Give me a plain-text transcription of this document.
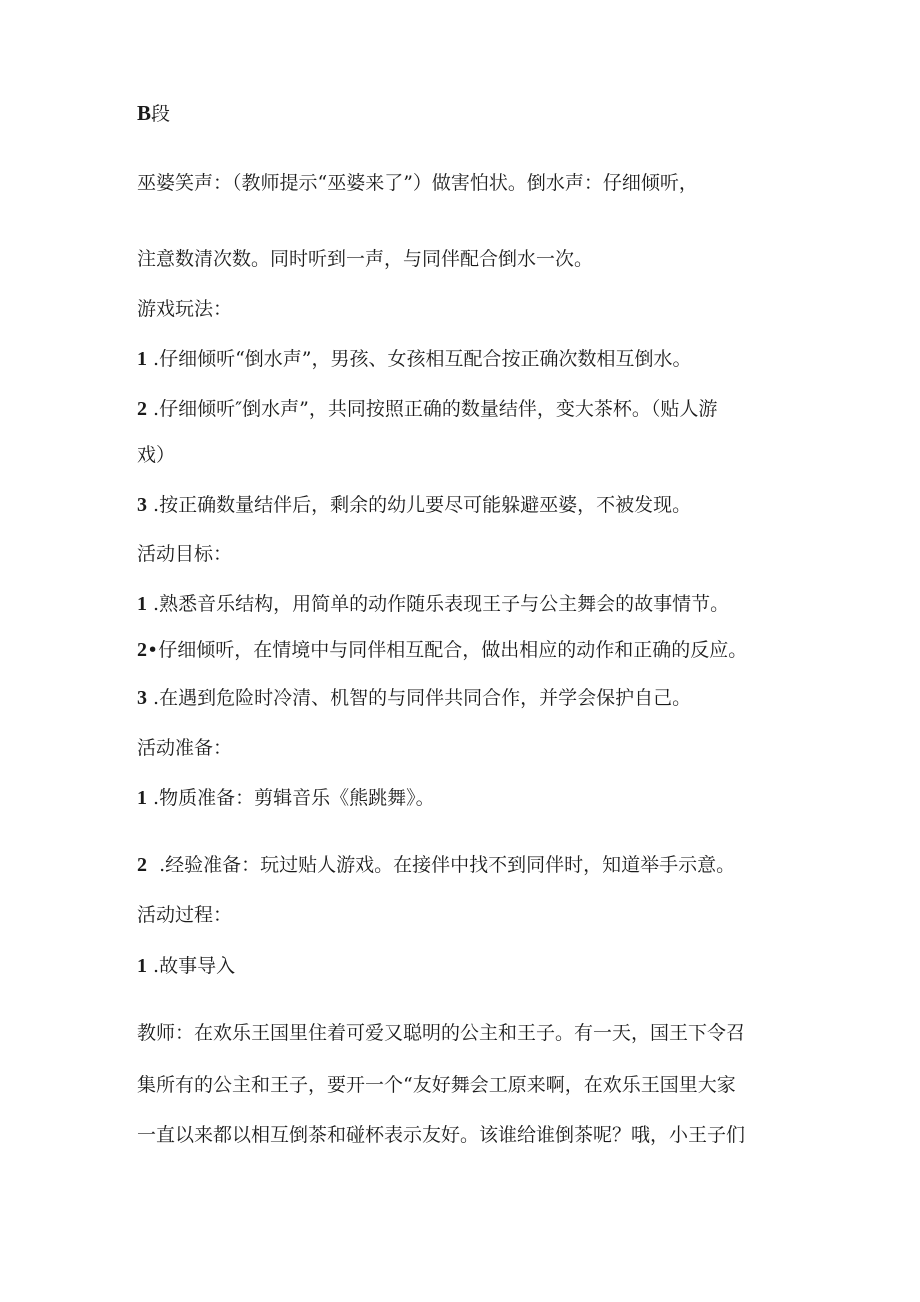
B段
巫婆笑声：（教师提示“巫婆来了”）做害怕状。倒水声：仔细倾听，
注意数清次数。同时听到一声，与同伴配合倒水一次。
游戏玩法：
1 .仔细倾听“倒水声”，男孩、女孩相互配合按正确次数相互倒水。
2 .仔细倾听″倒水声”，共同按照正确的数量结伴，变大茶杯。（贴人游
戏）
3 .按正确数量结伴后，剩余的幼儿要尽可能躲避巫婆，不被发现。
活动目标：
1 .熟悉音乐结构，用简单的动作随乐表现王子与公主舞会的故事情节。
2•仔细倾听，在情境中与同伴相互配合，做出相应的动作和正确的反应。
3 .在遇到危险时冷清、机智的与同伴共同合作，并学会保护自己。
活动准备：
1 .物质准备：剪辑音乐《熊跳舞》。
2 .经验准备：玩过贴人游戏。在接伴中找不到同伴时，知道举手示意。
活动过程：
1 .故事导入
教师：在欢乐王国里住着可爱又聪明的公主和王子。有一天，国王下令召
集所有的公主和王子，要开一个“友好舞会工原来啊，在欢乐王国里大家
一直以来都以相互倒茶和碰杯表示友好。该谁给谁倒茶呢？哦，小王子们
